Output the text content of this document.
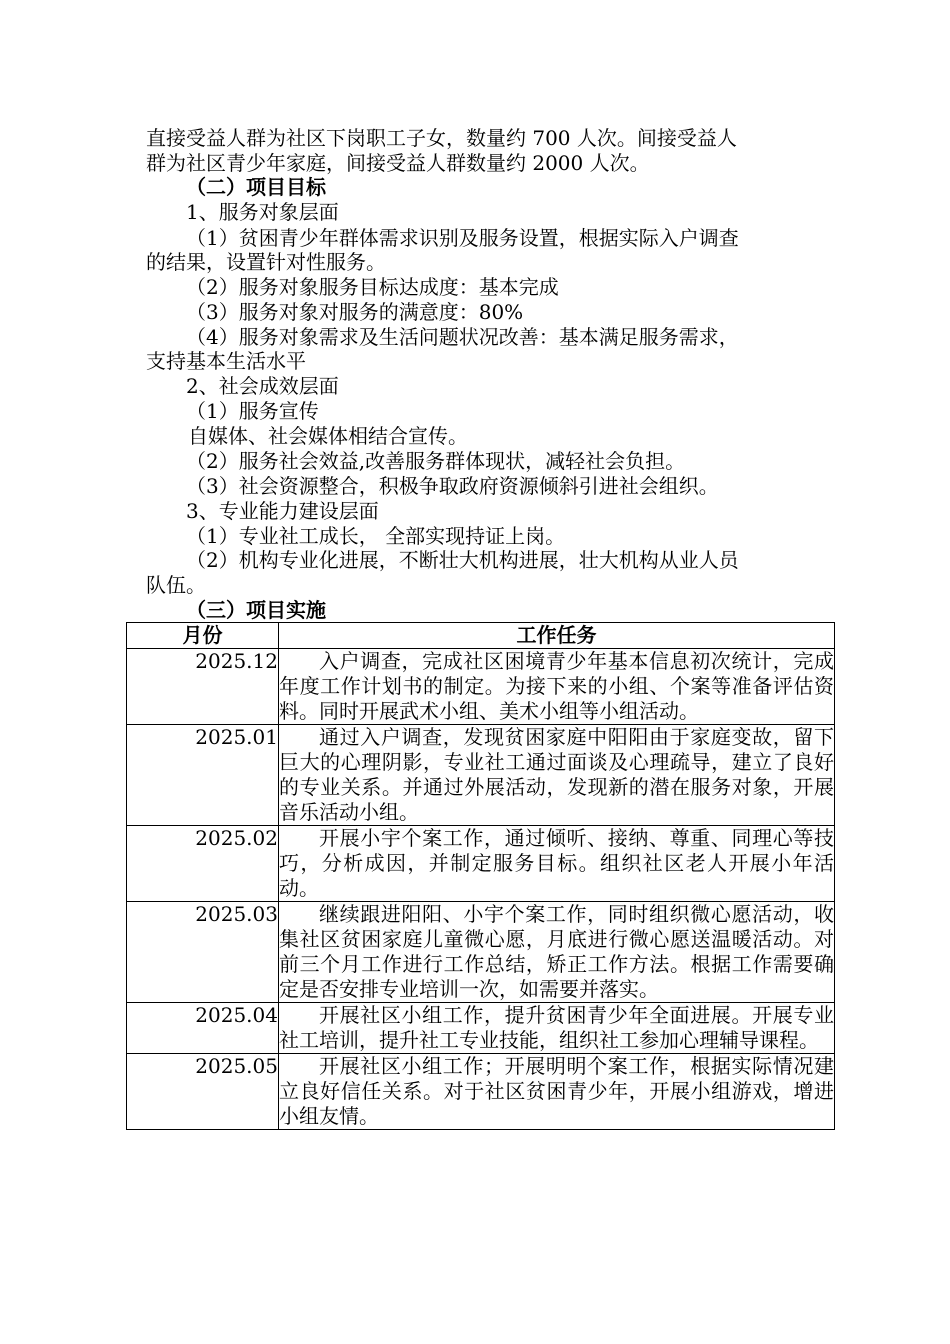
直接受益人群为社区下岗职工子女，数量约 700 人次。间接受益人
群为社区青少年家庭，间接受益人群数量约 2000 人次。
（二）项目目标
1、服务对象层面
（1）贫困青少年群体需求识别及服务设置，根据实际入户调查
的结果，设置针对性服务。
（2）服务对象服务目标达成度：基本完成
（3）服务对象对服务的满意度：80%
（4）服务对象需求及生活问题状况改善：基本满足服务需求，
支持基本生活水平
2、社会成效层面
（1）服务宣传
自媒体、社会媒体相结合宣传。
（2）服务社会效益,改善服务群体现状，减轻社会负担。
（3）社会资源整合，积极争取政府资源倾斜引进社会组织。
3、专业能力建设层面
（1）专业社工成长， 全部实现持证上岗。
（2）机构专业化进展，不断壮大机构进展，壮大机构从业人员
队伍。
（三）项目实施
月份	工作任务
2025.12	入户调查，完成社区困境青少年基本信息初次统计，完成年度工作计划书的制定。为接下来的小组、个案等准备评估资料。同时开展武术小组、美术小组等小组活动。
2025.01	通过入户调查，发现贫困家庭中阳阳由于家庭变故，留下巨大的心理阴影，专业社工通过面谈及心理疏导，建立了良好的专业关系。并通过外展活动，发现新的潜在服务对象，开展音乐活动小组。
2025.02	开展小宇个案工作，通过倾听、接纳、尊重、同理心等技巧，分析成因，并制定服务目标。组织社区老人开展小年活动。
2025.03	继续跟进阳阳、小宇个案工作，同时组织微心愿活动，收集社区贫困家庭儿童微心愿，月底进行微心愿送温暖活动。对前三个月工作进行工作总结，矫正工作方法。根据工作需要确定是否安排专业培训一次，如需要并落实。
2025.04	开展社区小组工作，提升贫困青少年全面进展。开展专业社工培训，提升社工专业技能，组织社工参加心理辅导课程。
2025.05	开展社区小组工作；开展明明个案工作，根据实际情况建立良好信任关系。对于社区贫困青少年，开展小组游戏，增进小组友情。
